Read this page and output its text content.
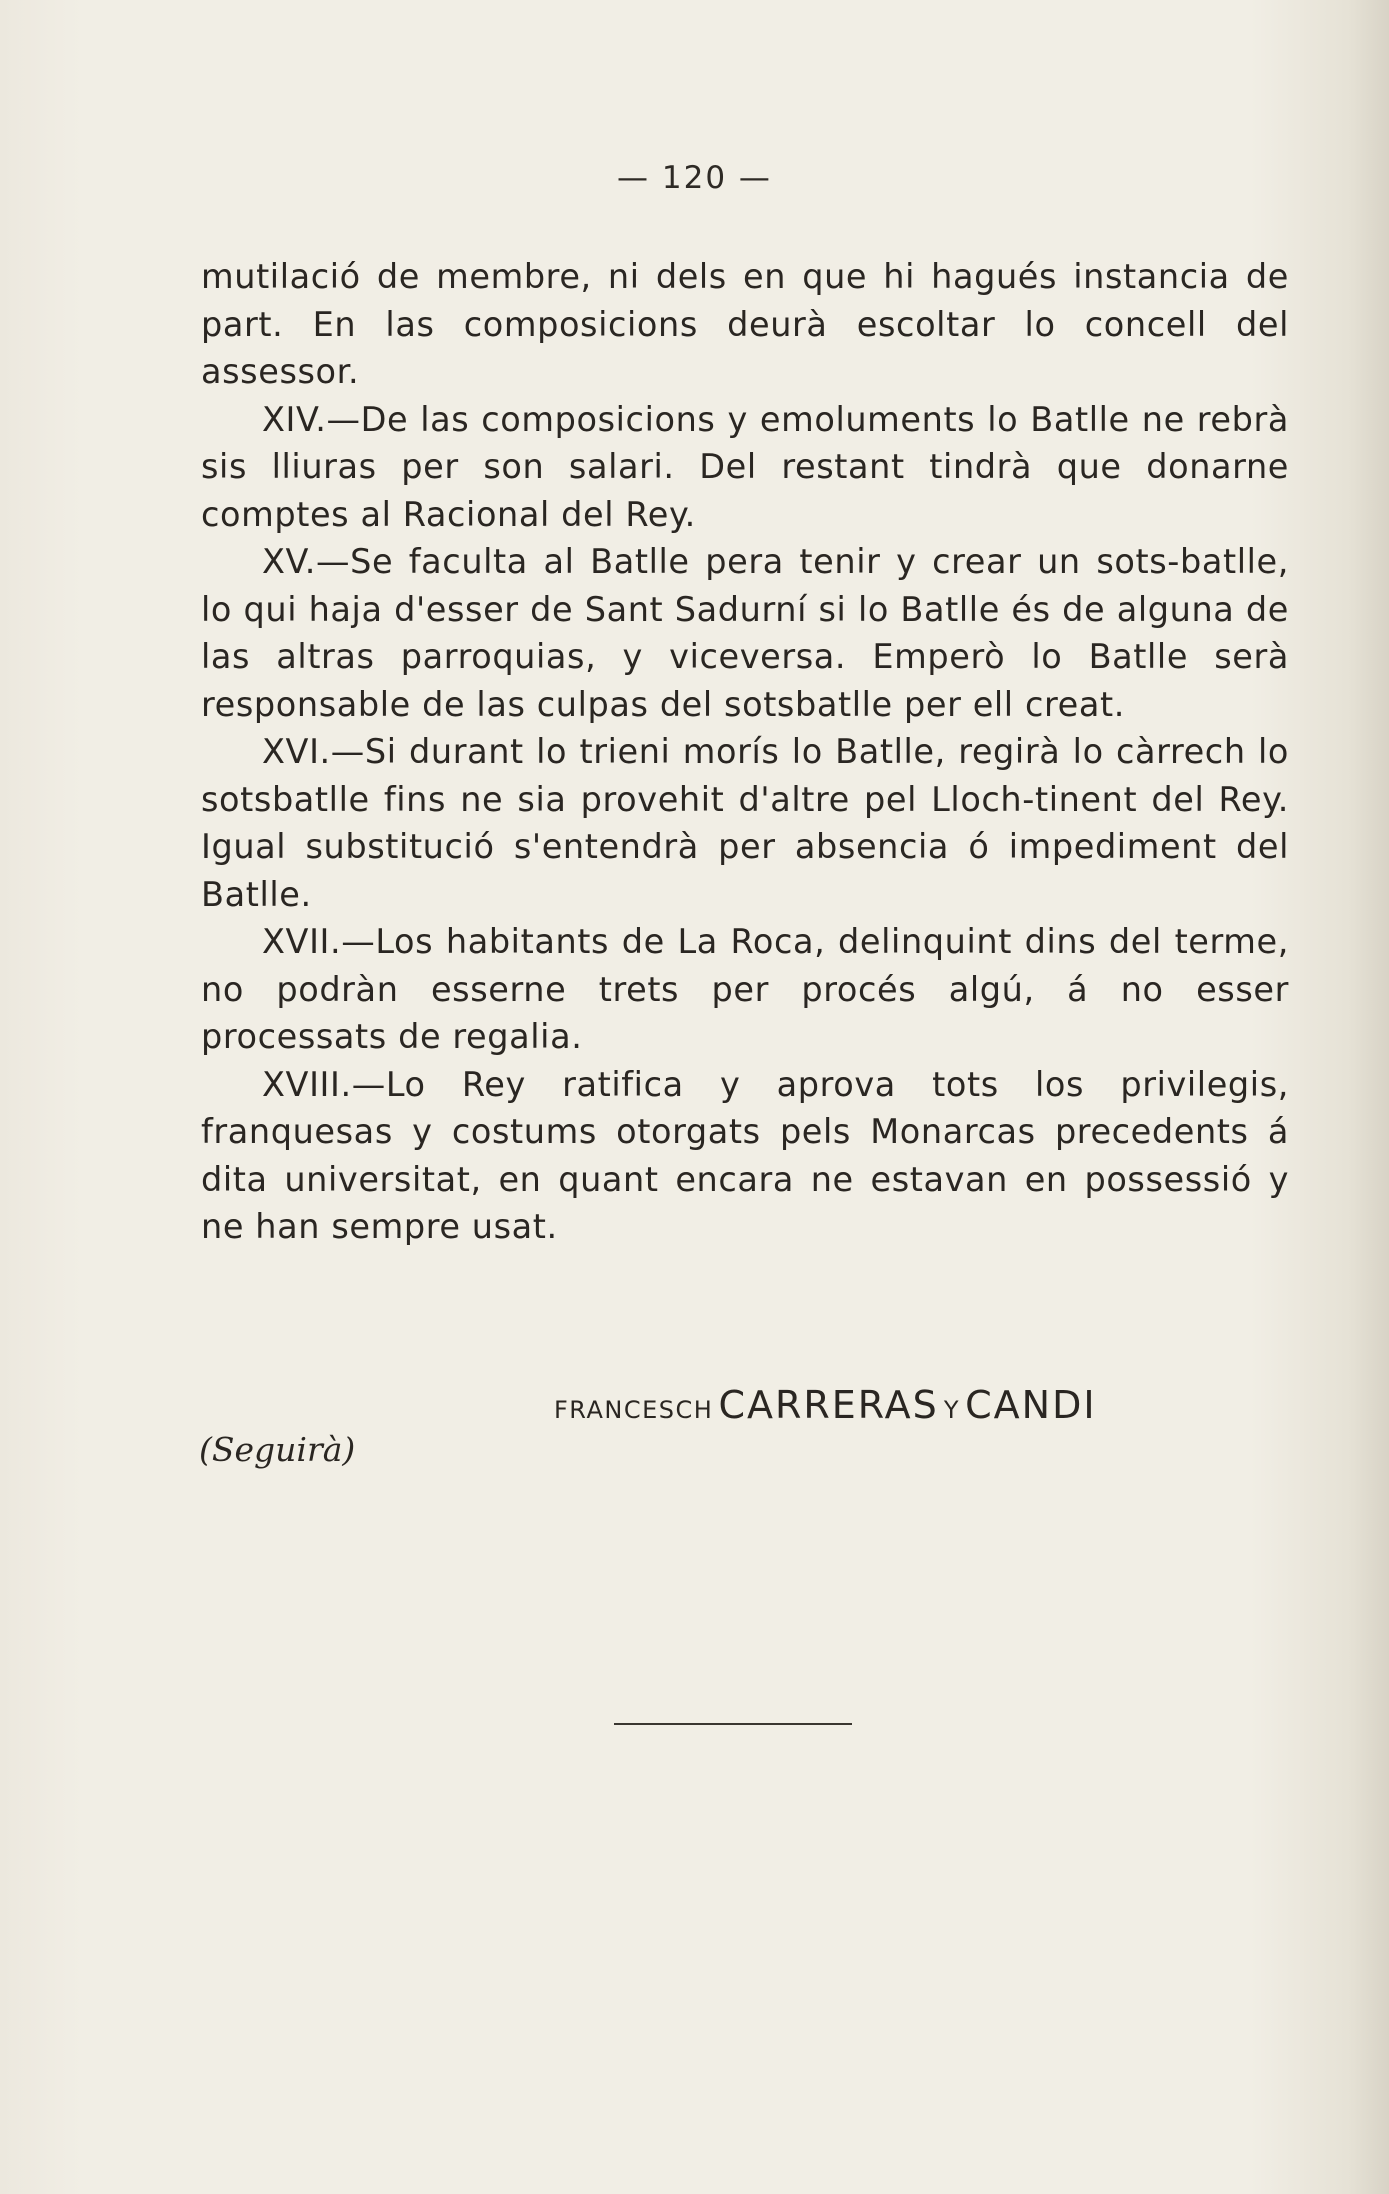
— 120 —

mutilació de membre, ni dels en que hi hagués instancia de part. En las composicions deurà escoltar lo concell del assessor.

XIV.—De las composicions y emoluments lo Batlle ne rebrà sis lliuras per son salari. Del restant tindrà que donarne comptes al Racional del Rey.

XV.—Se faculta al Batlle pera tenir y crear un sots-batlle, lo qui haja d'esser de Sant Sadurní si lo Batlle és de alguna de las altras parroquias, y viceversa. Emperò lo Batlle serà responsable de las culpas del sotsbatlle per ell creat.

XVI.—Si durant lo trieni morís lo Batlle, regirà lo càrrech lo sotsbatlle fins ne sia provehit d'altre pel Lloch-tinent del Rey. Igual substitució s'entendrà per absencia ó impediment del Batlle.

XVII.—Los habitants de La Roca, delinquint dins del terme, no podràn esserne trets per procés algú, á no esser processats de regalia.

XVIII.—Lo Rey ratifica y aprova tots los privilegis, franquesas y costums otorgats pels Monarcas precedents á dita universitat, en quant encara ne estavan en possessió y ne han sempre usat.

FRANCESCH CARRERAS Y CANDI
(Seguirà)
